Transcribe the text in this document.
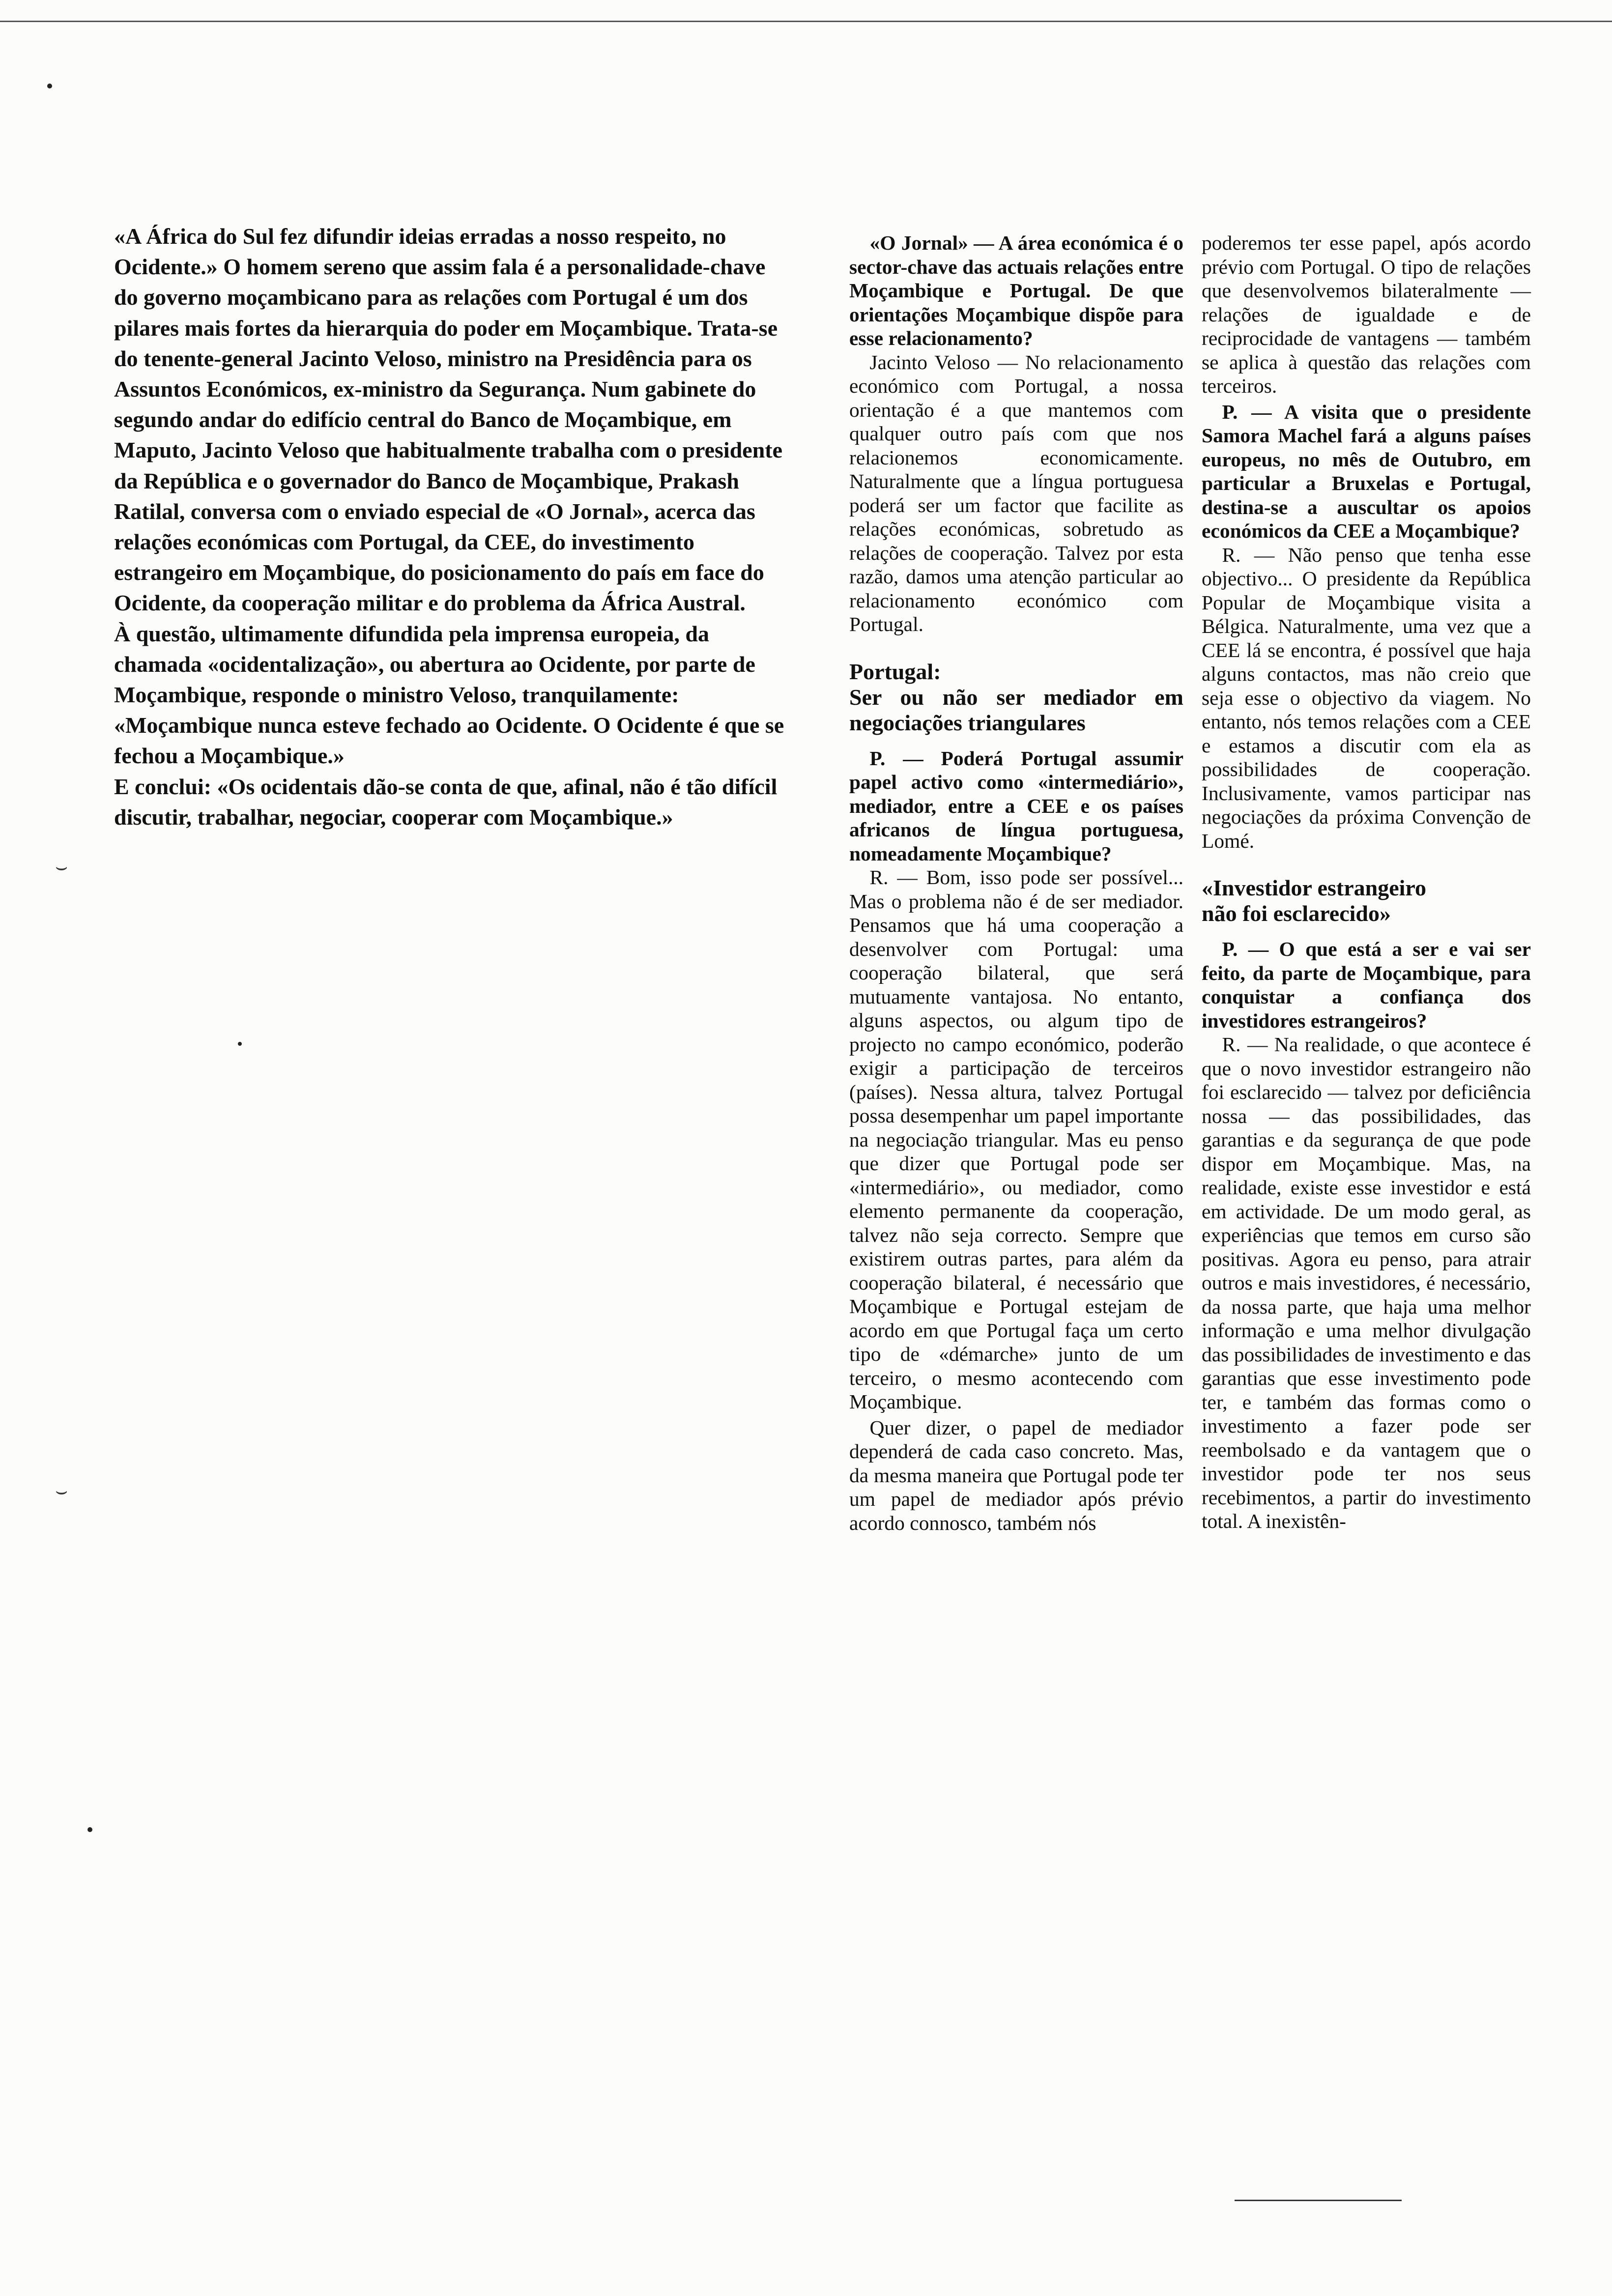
⌣
⌣

«A África do Sul fez difundir ideias erradas a nosso respeito, no Ocidente.» O homem sereno que assim fala é a personalidade-chave do governo moçambicano para as relações com Portugal é um dos pilares mais fortes da hierarquia do poder em Moçambique. Trata-se do tenente-general Jacinto Veloso, ministro na Presidência para os Assuntos Económicos, ex-ministro da Segurança. Num gabinete do segundo andar do edifício central do Banco de Moçambique, em Maputo, Jacinto Veloso que habitualmente trabalha com o presidente da República e o governador do Banco de Moçambique, Prakash Ratilal, conversa com o enviado especial de «O Jornal», acerca das relações económicas com Portugal, da CEE, do investimento estrangeiro em Moçambique, do posicionamento do país em face do Ocidente, da cooperação militar e do problema da África Austral.

À questão, ultimamente difundida pela imprensa europeia, da chamada «ocidentalização», ou abertura ao Ocidente, por parte de Moçambique, responde o ministro Veloso, tranquilamente: «Moçambique nunca esteve fechado ao Ocidente. O Ocidente é que se fechou a Moçambique.»

E conclui: «Os ocidentais dão-se conta de que, afinal, não é tão difícil discutir, trabalhar, negociar, cooperar com Moçambique.»

«O Jornal» — A área económica é o sector-chave das actuais relações entre Moçambique e Portugal. De que orientações Moçambique dispõe para esse relacionamento?

Jacinto Veloso — No relacionamento económico com Portugal, a nossa orientação é a que mantemos com qualquer outro país com que nos relacionemos economicamente. Naturalmente que a língua portuguesa poderá ser um factor que facilite as relações económicas, sobretudo as relações de cooperação. Talvez por esta razão, damos uma atenção particular ao relacionamento económico com Portugal.

Portugal:
Ser ou não ser mediador em negociações triangulares

P. — Poderá Portugal assumir papel activo como «intermediário», mediador, entre a CEE e os países africanos de língua portuguesa, nomeadamente Moçambique?

R. — Bom, isso pode ser possível... Mas o problema não é de ser mediador. Pensamos que há uma cooperação a desenvolver com Portugal: uma cooperação bilateral, que será mutuamente vantajosa. No entanto, alguns aspectos, ou algum tipo de projecto no campo económico, poderão exigir a participação de terceiros (países). Nessa altura, talvez Portugal possa desempenhar um papel importante na negociação triangular. Mas eu penso que dizer que Portugal pode ser «intermediário», ou mediador, como elemento permanente da cooperação, talvez não seja correcto. Sempre que existirem outras partes, para além da cooperação bilateral, é necessário que Moçambique e Portugal estejam de acordo em que Portugal faça um certo tipo de «démarche» junto de um terceiro, o mesmo acontecendo com Moçambique.

Quer dizer, o papel de mediador dependerá de cada caso concreto. Mas, da mesma maneira que Portugal pode ter um papel de mediador após prévio acordo connosco, também nós

poderemos ter esse papel, após acordo prévio com Portugal. O tipo de relações que desenvolvemos bilateralmente — relações de igualdade e de reciprocidade de vantagens — também se aplica à questão das relações com terceiros.

P. — A visita que o presidente Samora Machel fará a alguns países europeus, no mês de Outubro, em particular a Bruxelas e Portugal, destina-se a auscultar os apoios económicos da CEE a Moçambique?

R. — Não penso que tenha esse objectivo... O presidente da República Popular de Moçambique visita a Bélgica. Naturalmente, uma vez que a CEE lá se encontra, é possível que haja alguns contactos, mas não creio que seja esse o objectivo da viagem. No entanto, nós temos relações com a CEE e estamos a discutir com ela as possibilidades de cooperação. Inclusivamente, vamos participar nas negociações da próxima Convenção de Lomé.

«Investidor estrangeiro
não foi esclarecido»

P. — O que está a ser e vai ser feito, da parte de Moçambique, para conquistar a confiança dos investidores estrangeiros?

R. — Na realidade, o que acontece é que o novo investidor estrangeiro não foi esclarecido — talvez por deficiência nossa — das possibilidades, das garantias e da segurança de que pode dispor em Moçambique. Mas, na realidade, existe esse investidor e está em actividade. De um modo geral, as experiências que temos em curso são positivas. Agora eu penso, para atrair outros e mais investidores, é necessário, da nossa parte, que haja uma melhor informação e uma melhor divulgação das possibilidades de investimento e das garantias que esse investimento pode ter, e também das formas como o investimento a fazer pode ser reembolsado e da vantagem que o investidor pode ter nos seus recebimentos, a partir do investimento total. A inexistên-
